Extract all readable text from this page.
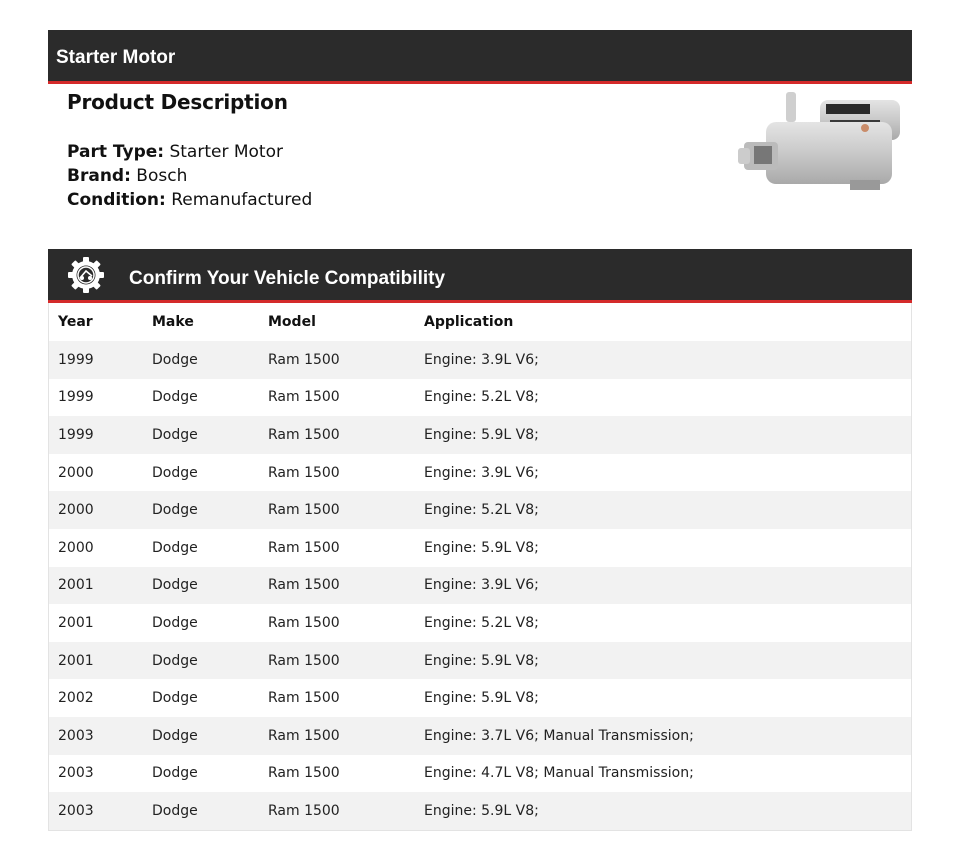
Starter Motor
Product Description
Part Type: Starter Motor
Brand: Bosch
Condition: Remanufactured
Confirm Your Vehicle Compatibility
Year	Make	Model	Application
1999	Dodge	Ram 1500	Engine: 3.9L V6;
1999	Dodge	Ram 1500	Engine: 5.2L V8;
1999	Dodge	Ram 1500	Engine: 5.9L V8;
2000	Dodge	Ram 1500	Engine: 3.9L V6;
2000	Dodge	Ram 1500	Engine: 5.2L V8;
2000	Dodge	Ram 1500	Engine: 5.9L V8;
2001	Dodge	Ram 1500	Engine: 3.9L V6;
2001	Dodge	Ram 1500	Engine: 5.2L V8;
2001	Dodge	Ram 1500	Engine: 5.9L V8;
2002	Dodge	Ram 1500	Engine: 5.9L V8;
2003	Dodge	Ram 1500	Engine: 3.7L V6; Manual Transmission;
2003	Dodge	Ram 1500	Engine: 4.7L V8; Manual Transmission;
2003	Dodge	Ram 1500	Engine: 5.9L V8;
